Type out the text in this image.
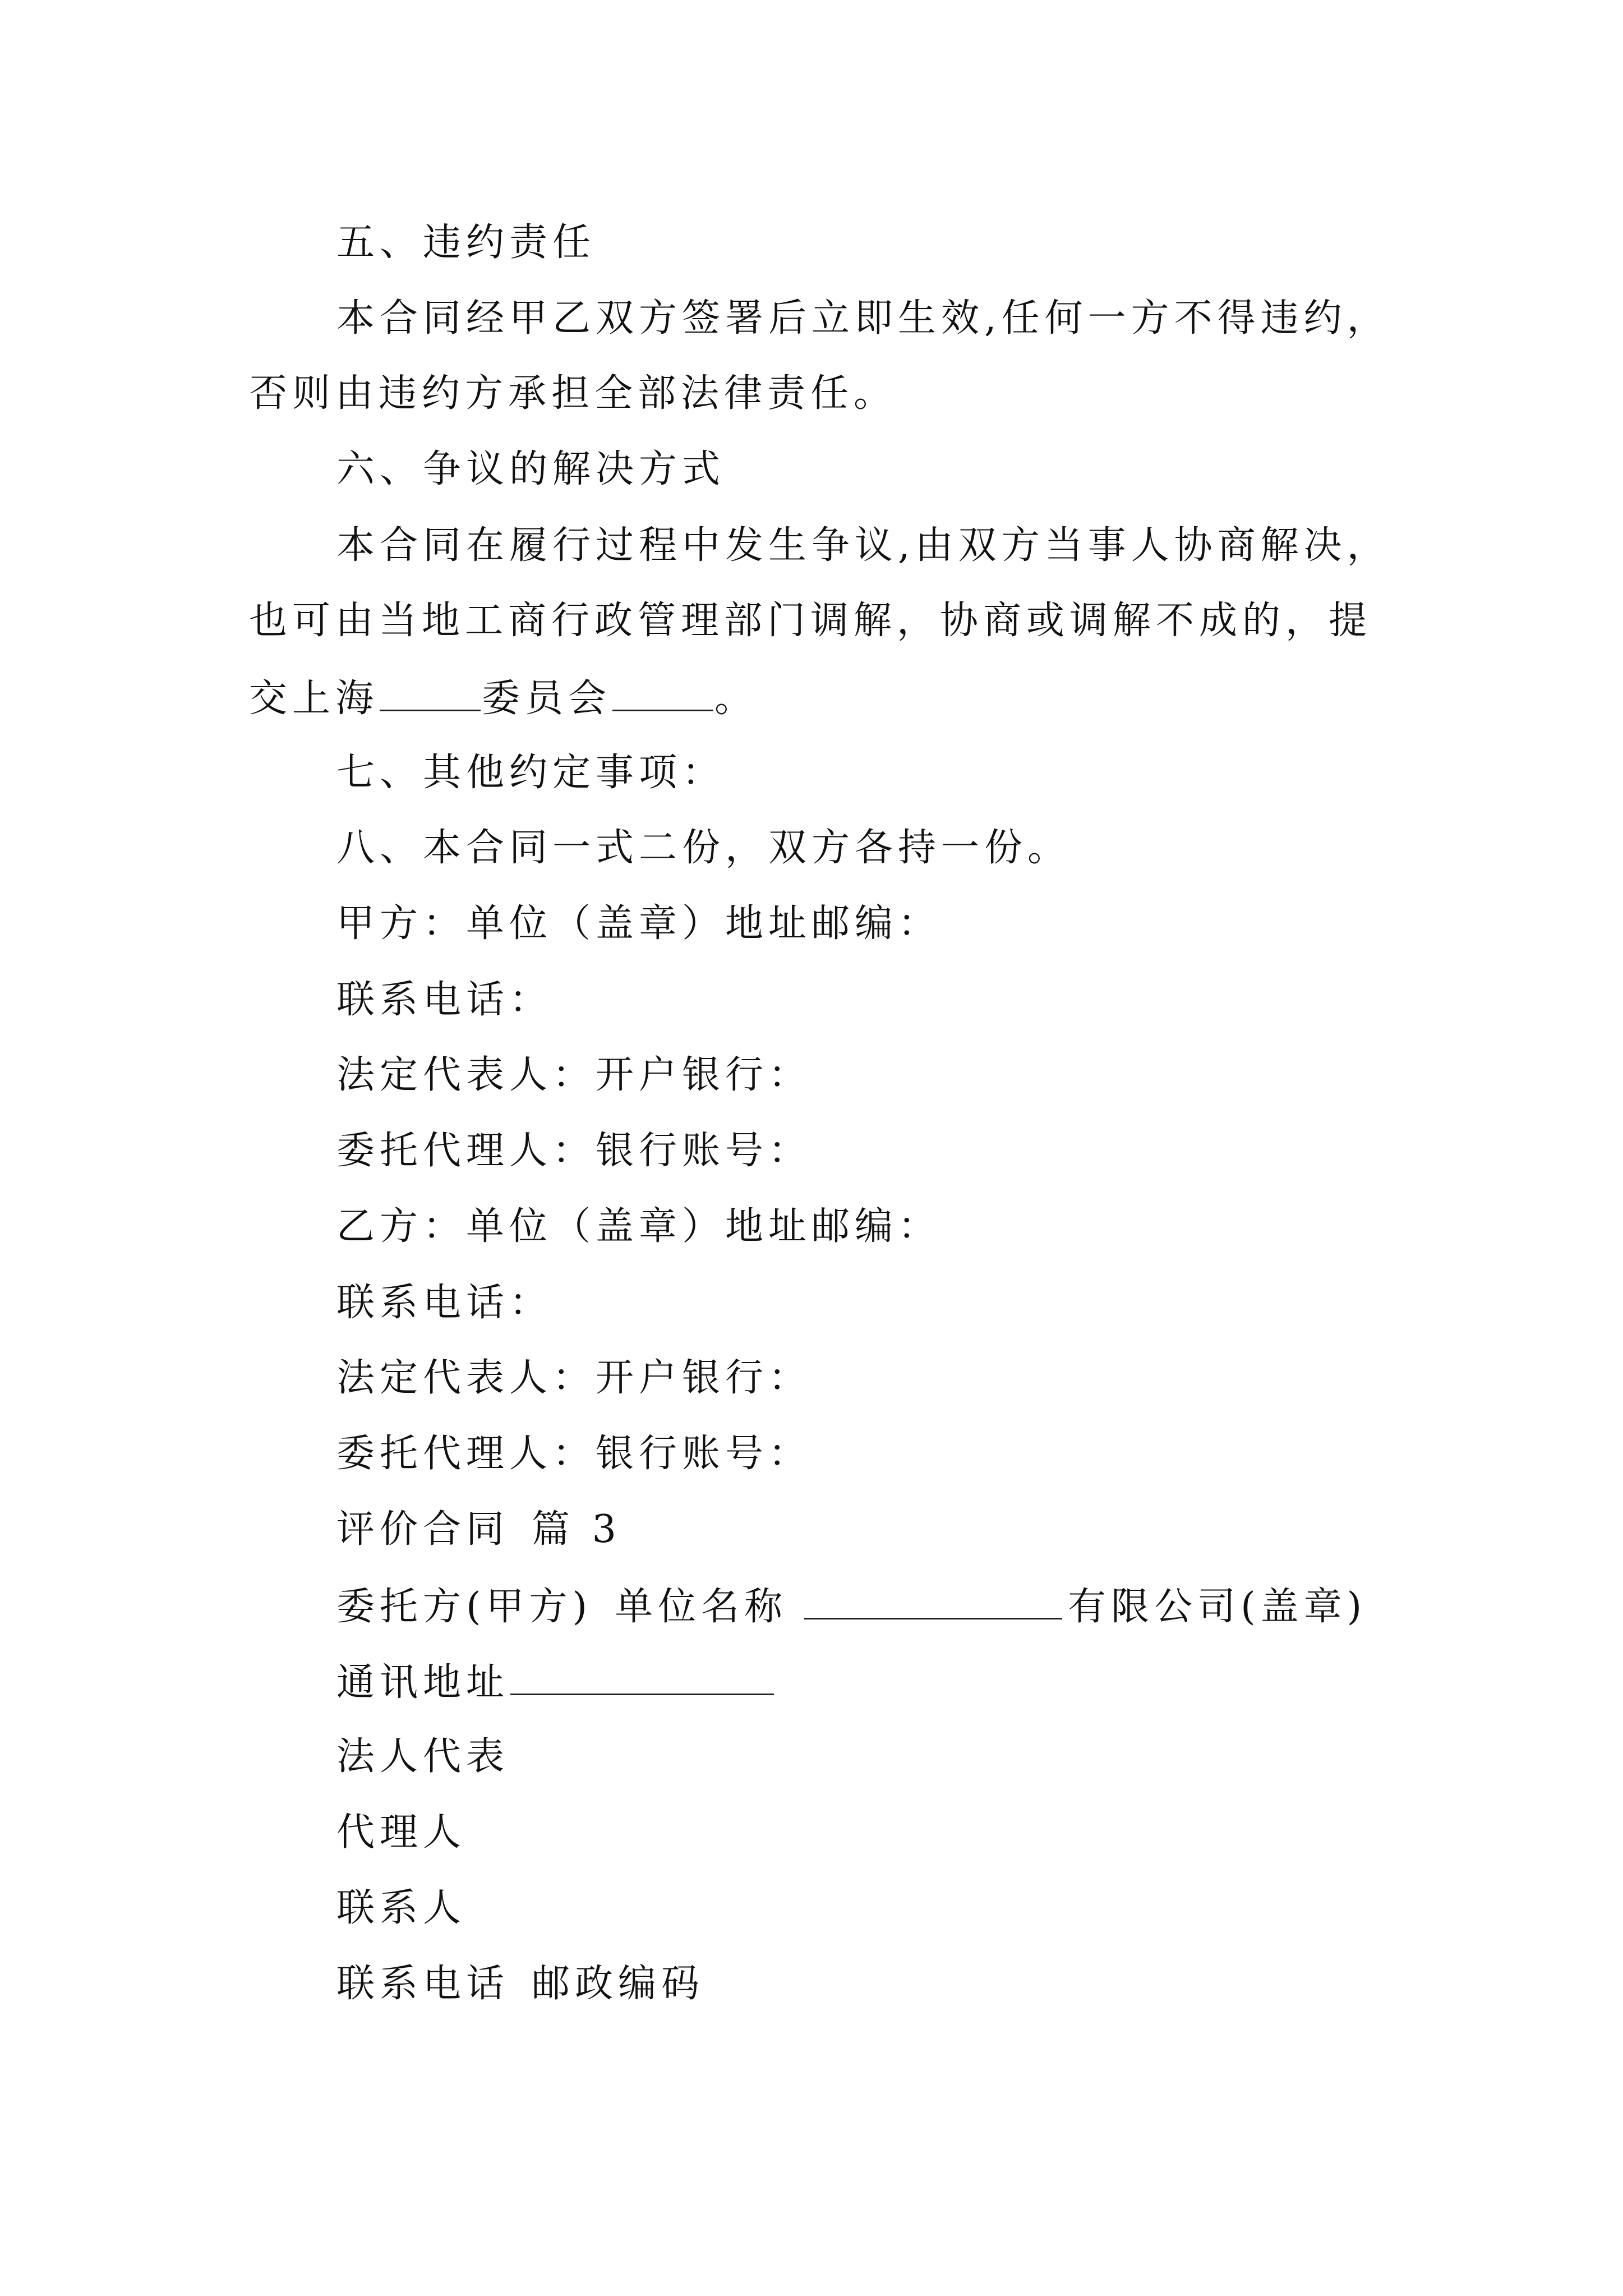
五、违约责任
本合同经甲乙双方签署后立即生效,任何一方不得违约，
否则由违约方承担全部法律责任。
六、争议的解决方式
本合同在履行过程中发生争议,由双方当事人协商解决，
也可由当地工商行政管理部门调解，协商或调解不成的，提
交上海	委员会	。
七、其他约定事项：
八、本合同一式二份，双方各持一份。
甲方：单位（盖章）地址邮编：
联系电话：
法定代表人：开户银行：
委托代理人：银行账号：
乙方：单位（盖章）地址邮编：
联系电话：
法定代表人：开户银行：
委托代理人：银行账号：
评价合同 篇 3
委托方(甲方) 单位名称	有限公司(盖章)
通讯地址
法人代表
代理人
联系人
联系电话 邮政编码
